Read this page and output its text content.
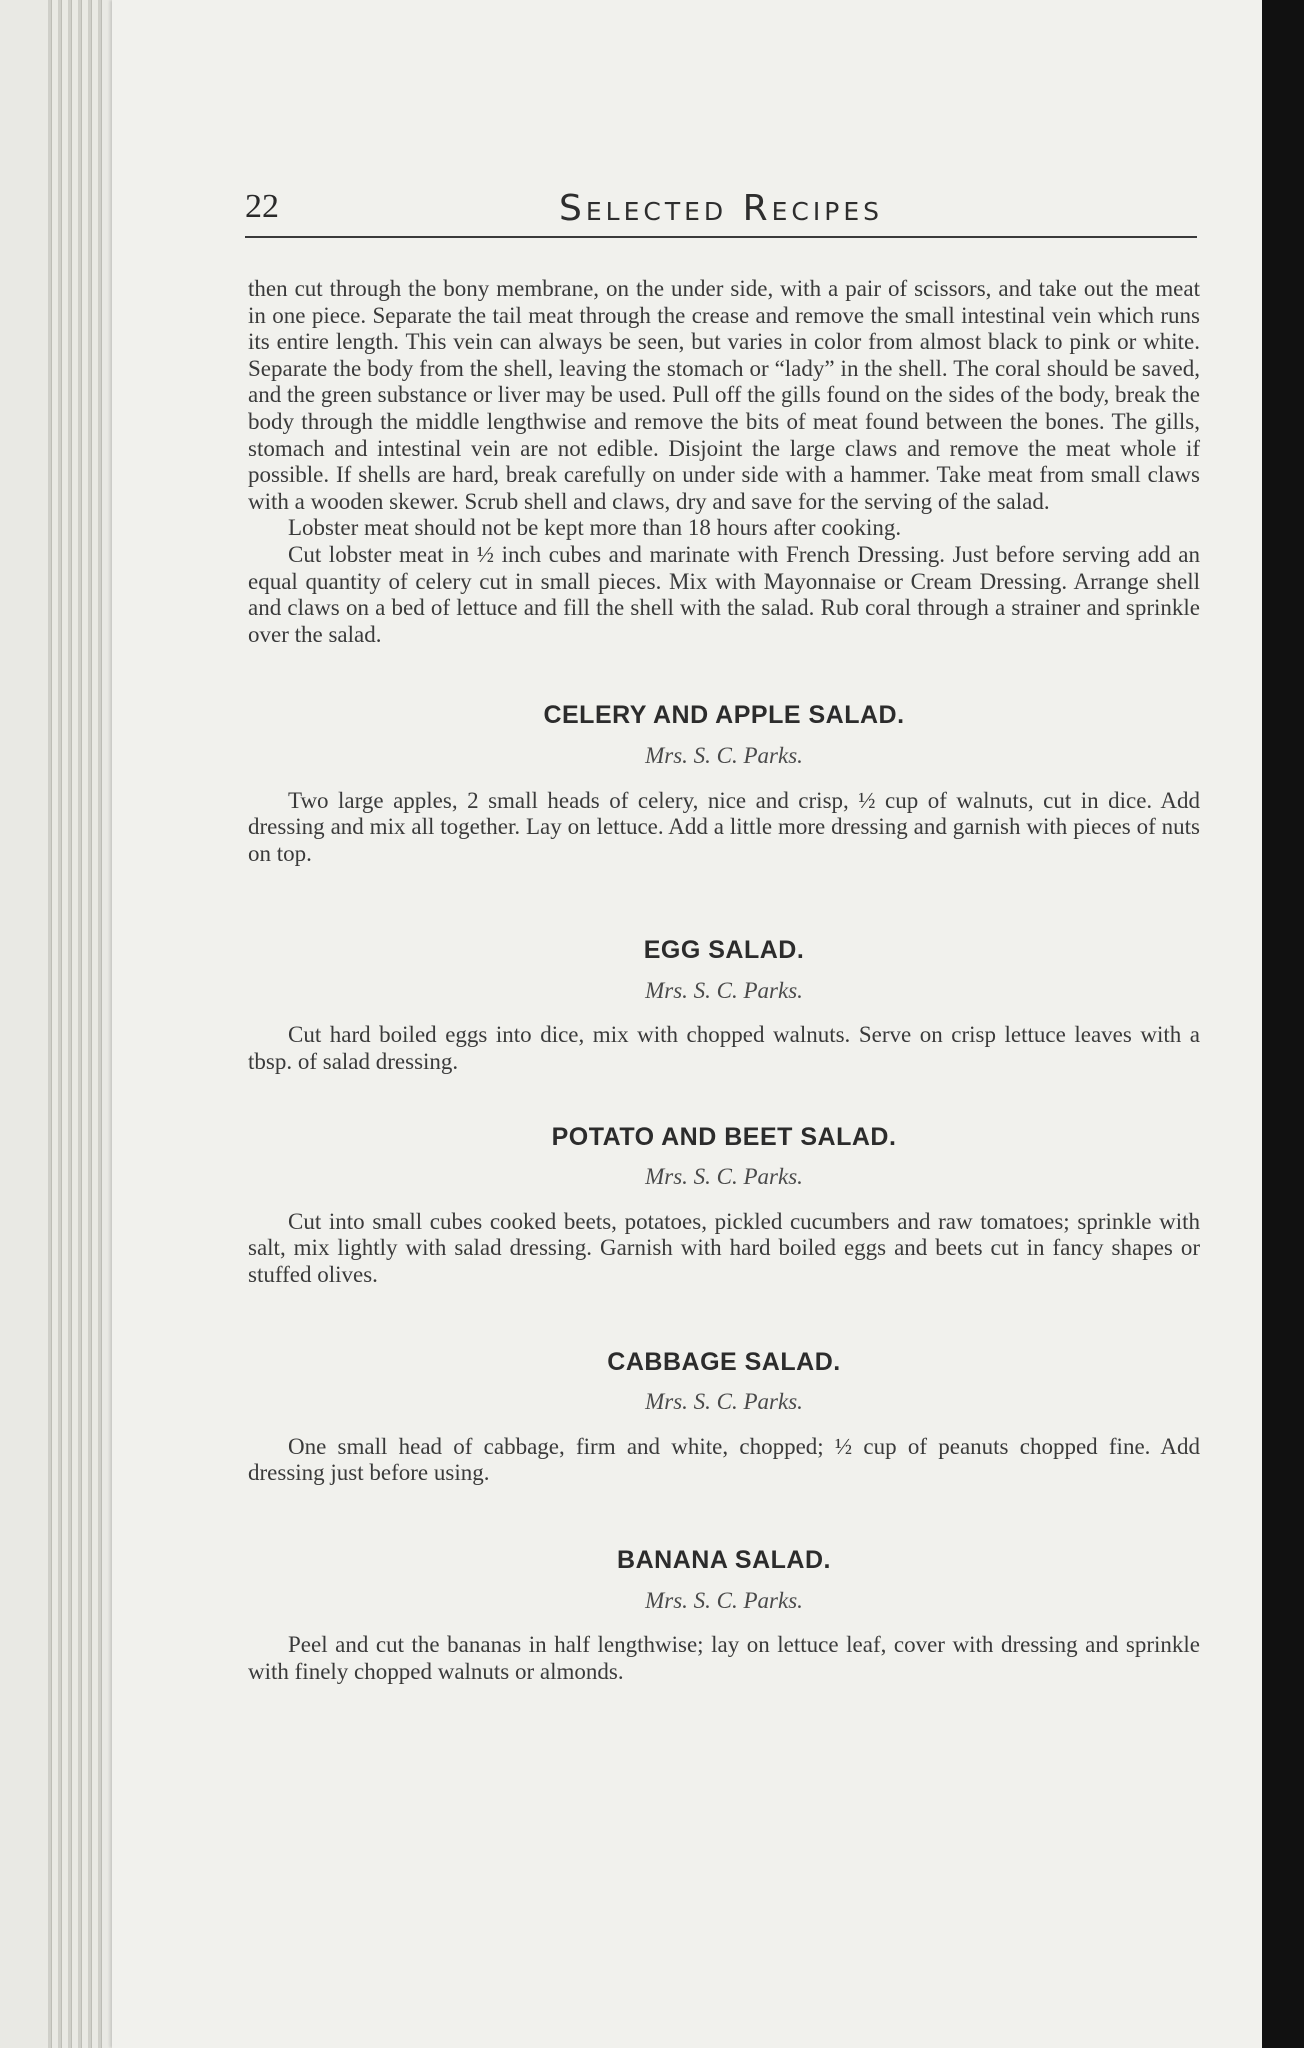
22	Selected Recipes

then cut through the bony membrane, on the under side, with a pair of scissors, and take out the meat in one piece. Separate the tail meat through the crease and remove the small intestinal vein which runs its entire length. This vein can always be seen, but varies in color from almost black to pink or white. Separate the body from the shell, leaving the stomach or “lady” in the shell. The coral should be saved, and the green substance or liver may be used. Pull off the gills found on the sides of the body, break the body through the middle lengthwise and remove the bits of meat found between the bones. The gills, stomach and intestinal vein are not edible. Disjoint the large claws and remove the meat whole if possible. If shells are hard, break carefully on under side with a hammer. Take meat from small claws with a wooden skewer. Scrub shell and claws, dry and save for the serving of the salad.

Lobster meat should not be kept more than 18 hours after cooking.

Cut lobster meat in ½ inch cubes and marinate with French Dressing. Just before serving add an equal quantity of celery cut in small pieces. Mix with Mayonnaise or Cream Dressing. Arrange shell and claws on a bed of lettuce and fill the shell with the salad. Rub coral through a strainer and sprinkle over the salad.

CELERY AND APPLE SALAD.

Mrs. S. C. Parks.

Two large apples, 2 small heads of celery, nice and crisp, ½ cup of walnuts, cut in dice. Add dressing and mix all together. Lay on lettuce. Add a little more dressing and garnish with pieces of nuts on top.

EGG SALAD.

Mrs. S. C. Parks.

Cut hard boiled eggs into dice, mix with chopped walnuts. Serve on crisp lettuce leaves with a tbsp. of salad dressing.

POTATO AND BEET SALAD.

Mrs. S. C. Parks.

Cut into small cubes cooked beets, potatoes, pickled cucumbers and raw tomatoes; sprinkle with salt, mix lightly with salad dressing. Garnish with hard boiled eggs and beets cut in fancy shapes or stuffed olives.

CABBAGE SALAD.

Mrs. S. C. Parks.

One small head of cabbage, firm and white, chopped; ½ cup of peanuts chopped fine. Add dressing just before using.

BANANA SALAD.

Mrs. S. C. Parks.

Peel and cut the bananas in half lengthwise; lay on lettuce leaf, cover with dressing and sprinkle with finely chopped walnuts or almonds.
